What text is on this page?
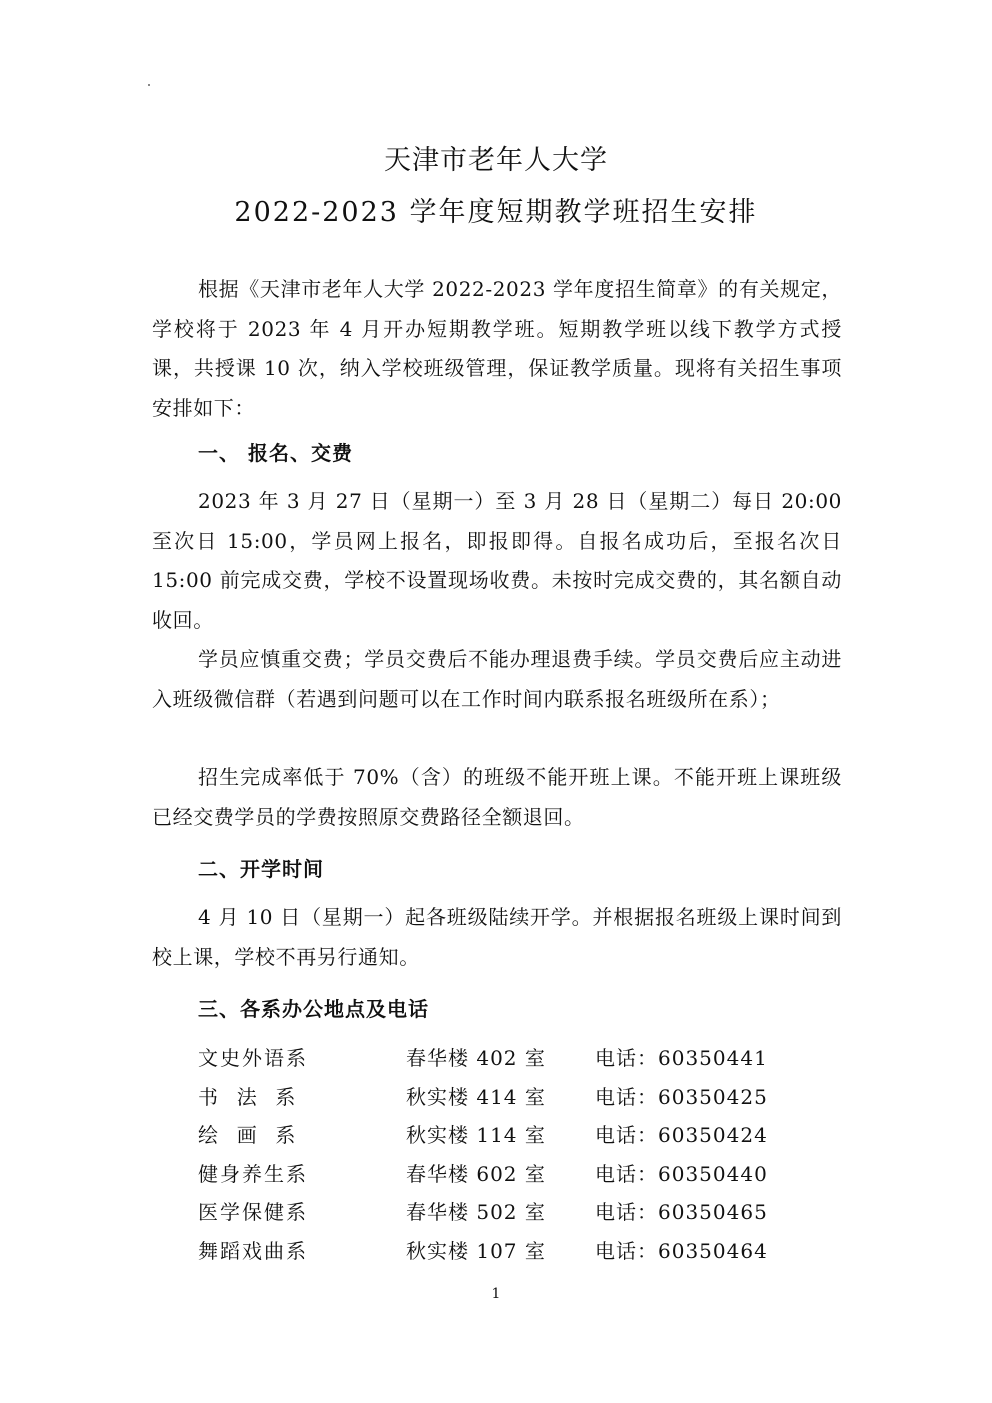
天津市老年人大学
2022-2023 学年度短期教学班招生安排
根据《天津市老年人大学 2022-2023 学年度招生简章》的有关规定，学校将于 2023 年 4 月开办短期教学班。短期教学班以线下教学方式授课，共授课 10 次，纳入学校班级管理，保证教学质量。现将有关招生事项安排如下：
一、 报名、交费
2023 年 3 月 27 日（星期一）至 3 月 28 日（星期二）每日 20:00 至次日 15:00，学员网上报名，即报即得。自报名成功后，至报名次日 15:00 前完成交费，学校不设置现场收费。未按时完成交费的，其名额自动收回。
学员应慎重交费；学员交费后不能办理退费手续。学员交费后应主动进入班级微信群（若遇到问题可以在工作时间内联系报名班级所在系）；
招生完成率低于 70%（含）的班级不能开班上课。不能开班上课班级已经交费学员的学费按照原交费路径全额退回。
二、开学时间
4 月 10 日（星期一）起各班级陆续开学。并根据报名班级上课时间到校上课，学校不再另行通知。
三、各系办公地点及电话
文史外语系	春华楼 402 室 电话：60350441
书  法  系	秋实楼 414 室 电话：60350425
绘  画  系	秋实楼 114 室 电话：60350424
健身养生系	春华楼 602 室 电话：60350440
医学保健系	春华楼 502 室 电话：60350465
舞蹈戏曲系	秋实楼 107 室 电话：60350464
1
